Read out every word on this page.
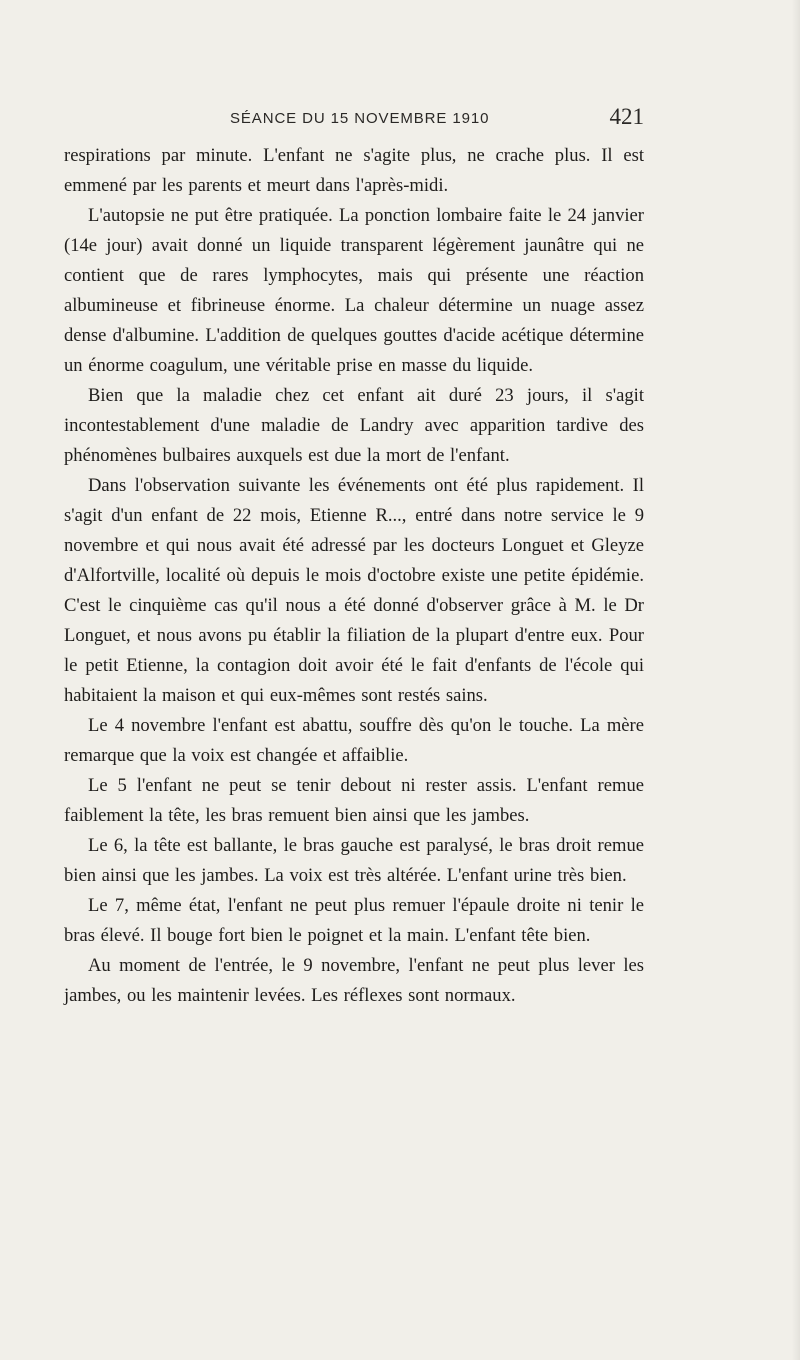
SÉANCE DU 15 NOVEMBRE 1910	421

respirations par minute. L'enfant ne s'agite plus, ne crache plus. Il est emmené par les parents et meurt dans l'après-midi.

L'autopsie ne put être pratiquée. La ponction lombaire faite le 24 janvier (14e jour) avait donné un liquide transparent légèrement jaunâtre qui ne contient que de rares lymphocytes, mais qui présente une réaction albumineuse et fibrineuse énorme. La chaleur détermine un nuage assez dense d'albumine. L'addition de quelques gouttes d'acide acétique détermine un énorme coagulum, une véritable prise en masse du liquide.

Bien que la maladie chez cet enfant ait duré 23 jours, il s'agit incontestablement d'une maladie de Landry avec apparition tardive des phénomènes bulbaires auxquels est due la mort de l'enfant.

Dans l'observation suivante les événements ont été plus rapidement. Il s'agit d'un enfant de 22 mois, Etienne R..., entré dans notre service le 9 novembre et qui nous avait été adressé par les docteurs Longuet et Gleyze d'Alfortville, localité où depuis le mois d'octobre existe une petite épidémie. C'est le cinquième cas qu'il nous a été donné d'observer grâce à M. le Dr Longuet, et nous avons pu établir la filiation de la plupart d'entre eux. Pour le petit Etienne, la contagion doit avoir été le fait d'enfants de l'école qui habitaient la maison et qui eux-mêmes sont restés sains.

Le 4 novembre l'enfant est abattu, souffre dès qu'on le touche. La mère remarque que la voix est changée et affaiblie.

Le 5 l'enfant ne peut se tenir debout ni rester assis. L'enfant remue faiblement la tête, les bras remuent bien ainsi que les jambes.

Le 6, la tête est ballante, le bras gauche est paralysé, le bras droit remue bien ainsi que les jambes. La voix est très altérée. L'enfant urine très bien.

Le 7, même état, l'enfant ne peut plus remuer l'épaule droite ni tenir le bras élevé. Il bouge fort bien le poignet et la main. L'enfant tête bien.

Au moment de l'entrée, le 9 novembre, l'enfant ne peut plus lever les jambes, ou les maintenir levées. Les réflexes sont normaux.
